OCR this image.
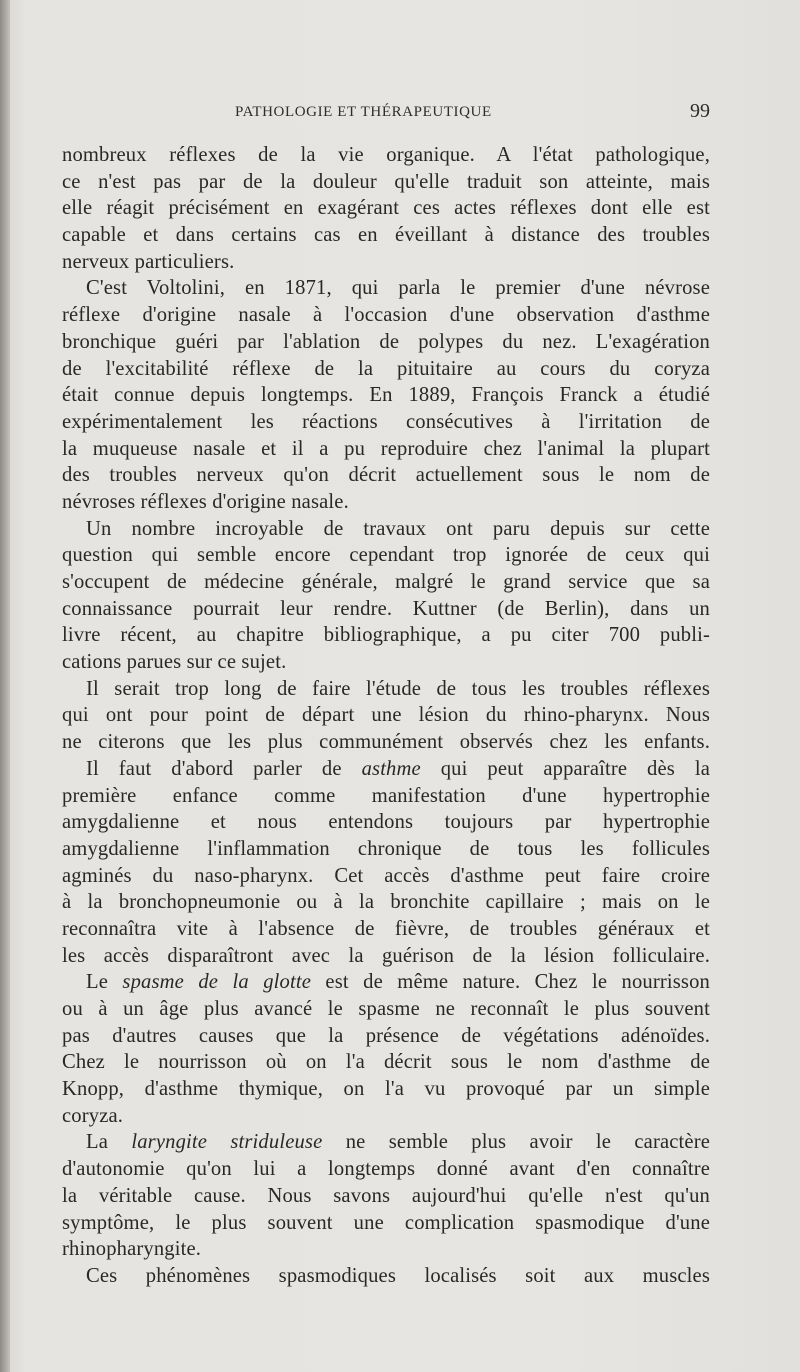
PATHOLOGIE ET THÉRAPEUTIQUE	99
nombreux réflexes de la vie organique. A l'état pathologique,
ce n'est pas par de la douleur qu'elle traduit son atteinte, mais
elle réagit précisément en exagérant ces actes réflexes dont elle est
capable et dans certains cas en éveillant à distance des troubles
nerveux particuliers.
C'est Voltolini, en 1871, qui parla le premier d'une névrose
réflexe d'origine nasale à l'occasion d'une observation d'asthme
bronchique guéri par l'ablation de polypes du nez. L'exagération
de l'excitabilité réflexe de la pituitaire au cours du coryza
était connue depuis longtemps. En 1889, François Franck a étudié
expérimentalement les réactions consécutives à l'irritation de
la muqueuse nasale et il a pu reproduire chez l'animal la plupart
des troubles nerveux qu'on décrit actuellement sous le nom de
névroses réflexes d'origine nasale.
Un nombre incroyable de travaux ont paru depuis sur cette
question qui semble encore cependant trop ignorée de ceux qui
s'occupent de médecine générale, malgré le grand service que sa
connaissance pourrait leur rendre. Kuttner (de Berlin), dans un
livre récent, au chapitre bibliographique, a pu citer 700 publi-
cations parues sur ce sujet.
Il serait trop long de faire l'étude de tous les troubles réflexes
qui ont pour point de départ une lésion du rhino-pharynx. Nous
ne citerons que les plus communément observés chez les enfants.
Il faut d'abord parler de asthme qui peut apparaître dès la
première enfance comme manifestation d'une hypertrophie
amygdalienne et nous entendons toujours par hypertrophie
amygdalienne l'inflammation chronique de tous les follicules
agminés du naso-pharynx. Cet accès d'asthme peut faire croire
à la bronchopneumonie ou à la bronchite capillaire ; mais on le
reconnaîtra vite à l'absence de fièvre, de troubles généraux et
les accès disparaîtront avec la guérison de la lésion folliculaire.
Le spasme de la glotte est de même nature. Chez le nourrisson
ou à un âge plus avancé le spasme ne reconnaît le plus souvent
pas d'autres causes que la présence de végétations adénoïdes.
Chez le nourrisson où on l'a décrit sous le nom d'asthme de
Knopp, d'asthme thymique, on l'a vu provoqué par un simple
coryza.
La laryngite striduleuse ne semble plus avoir le caractère
d'autonomie qu'on lui a longtemps donné avant d'en connaître
la véritable cause. Nous savons aujourd'hui qu'elle n'est qu'un
symptôme, le plus souvent une complication spasmodique d'une
rhinopharyngite.
Ces phénomènes spasmodiques localisés soit aux muscles
